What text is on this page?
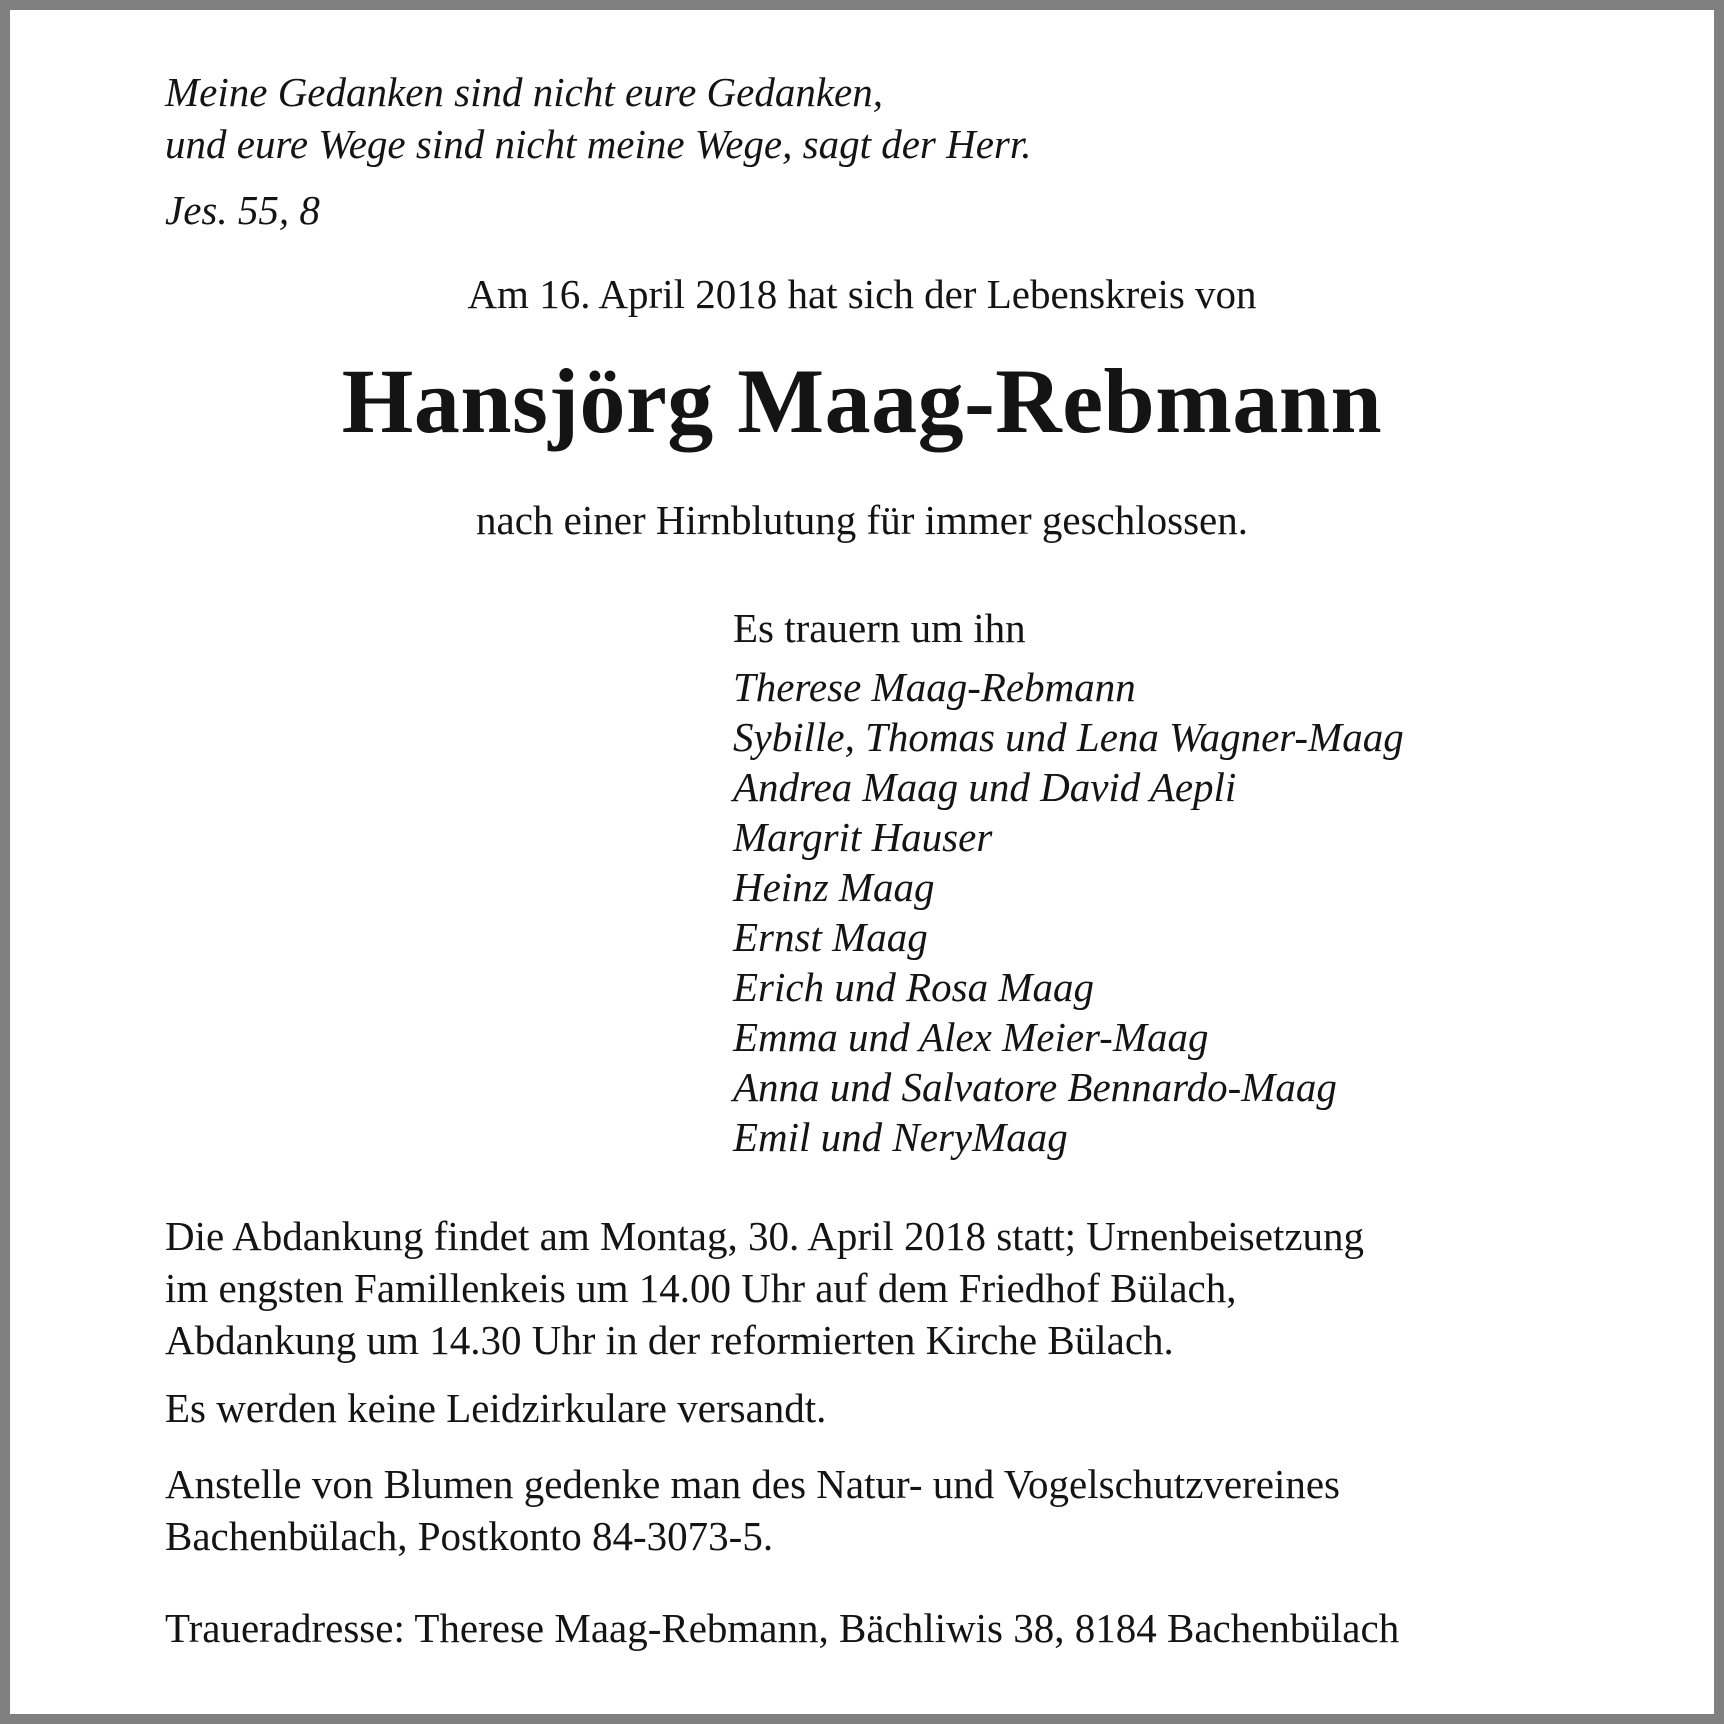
Meine Gedanken sind nicht eure Gedanken,
und eure Wege sind nicht meine Wege, sagt der Herr.
Jes. 55, 8
Am 16. April 2018 hat sich der Lebenskreis von
Hansjörg Maag-Rebmann
nach einer Hirnblutung für immer geschlossen.
Es trauern um ihn
Therese Maag-Rebmann
Sybille, Thomas und Lena Wagner-Maag
Andrea Maag und David Aepli
Margrit Hauser
Heinz Maag
Ernst Maag
Erich und Rosa Maag
Emma und Alex Meier-Maag
Anna und Salvatore Bennardo-Maag
Emil und NeryMaag
Die Abdankung findet am Montag, 30. April 2018 statt; Urnenbeisetzung
im engsten Famillenkeis um 14.00 Uhr auf dem Friedhof Bülach,
Abdankung um 14.30 Uhr in der reformierten Kirche Bülach.
Es werden keine Leidzirkulare versandt.
Anstelle von Blumen gedenke man des Natur- und Vogelschutzvereines
Bachenbülach, Postkonto 84-3073-5.
Traueradresse: Therese Maag-Rebmann, Bächliwis 38, 8184 Bachenbülach
